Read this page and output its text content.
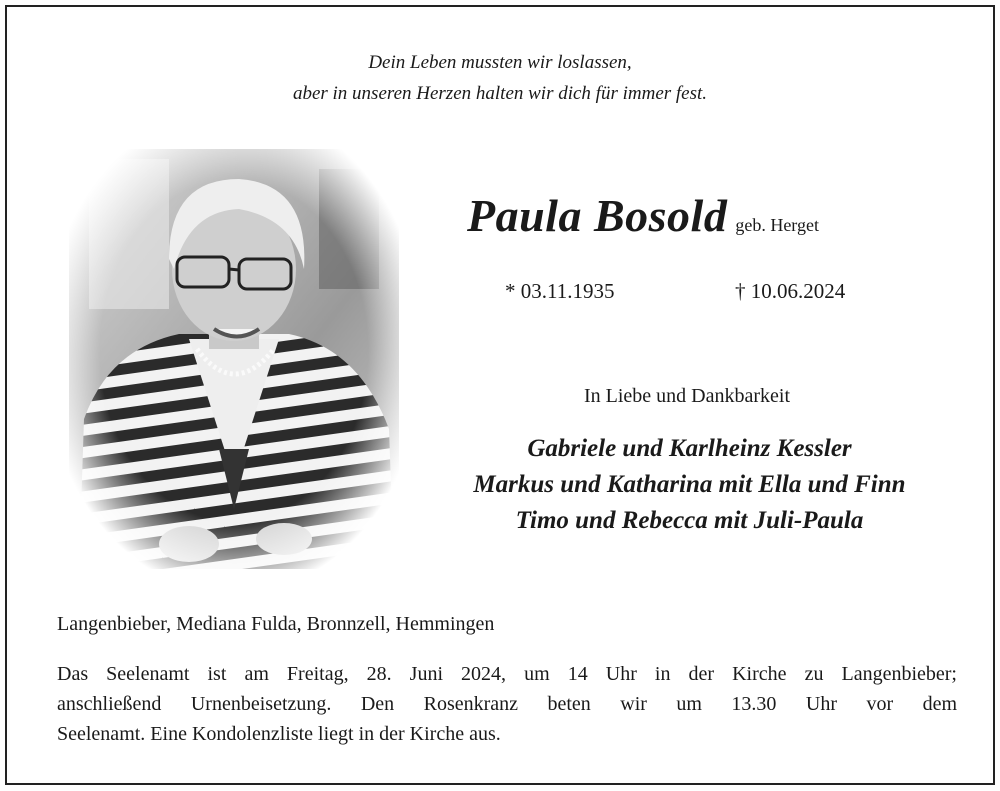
Dein Leben mussten wir loslassen,
aber in unseren Herzen halten wir dich für immer fest.
Paula Bosold geb. Herget
* 03.11.1935	† 10.06.2024
In Liebe und Dankbarkeit
Gabriele und Karlheinz Kessler
Markus und Katharina mit Ella und Finn
Timo und Rebecca mit Juli-Paula
Langenbieber, Mediana Fulda, Bronnzell, Hemmingen
Das Seelenamt ist am Freitag, 28. Juni 2024, um 14 Uhr in der Kirche zu Langenbieber;
anschließend Urnenbeisetzung. Den Rosenkranz beten wir um 13.30 Uhr vor dem
Seelenamt. Eine Kondolenzliste liegt in der Kirche aus.
